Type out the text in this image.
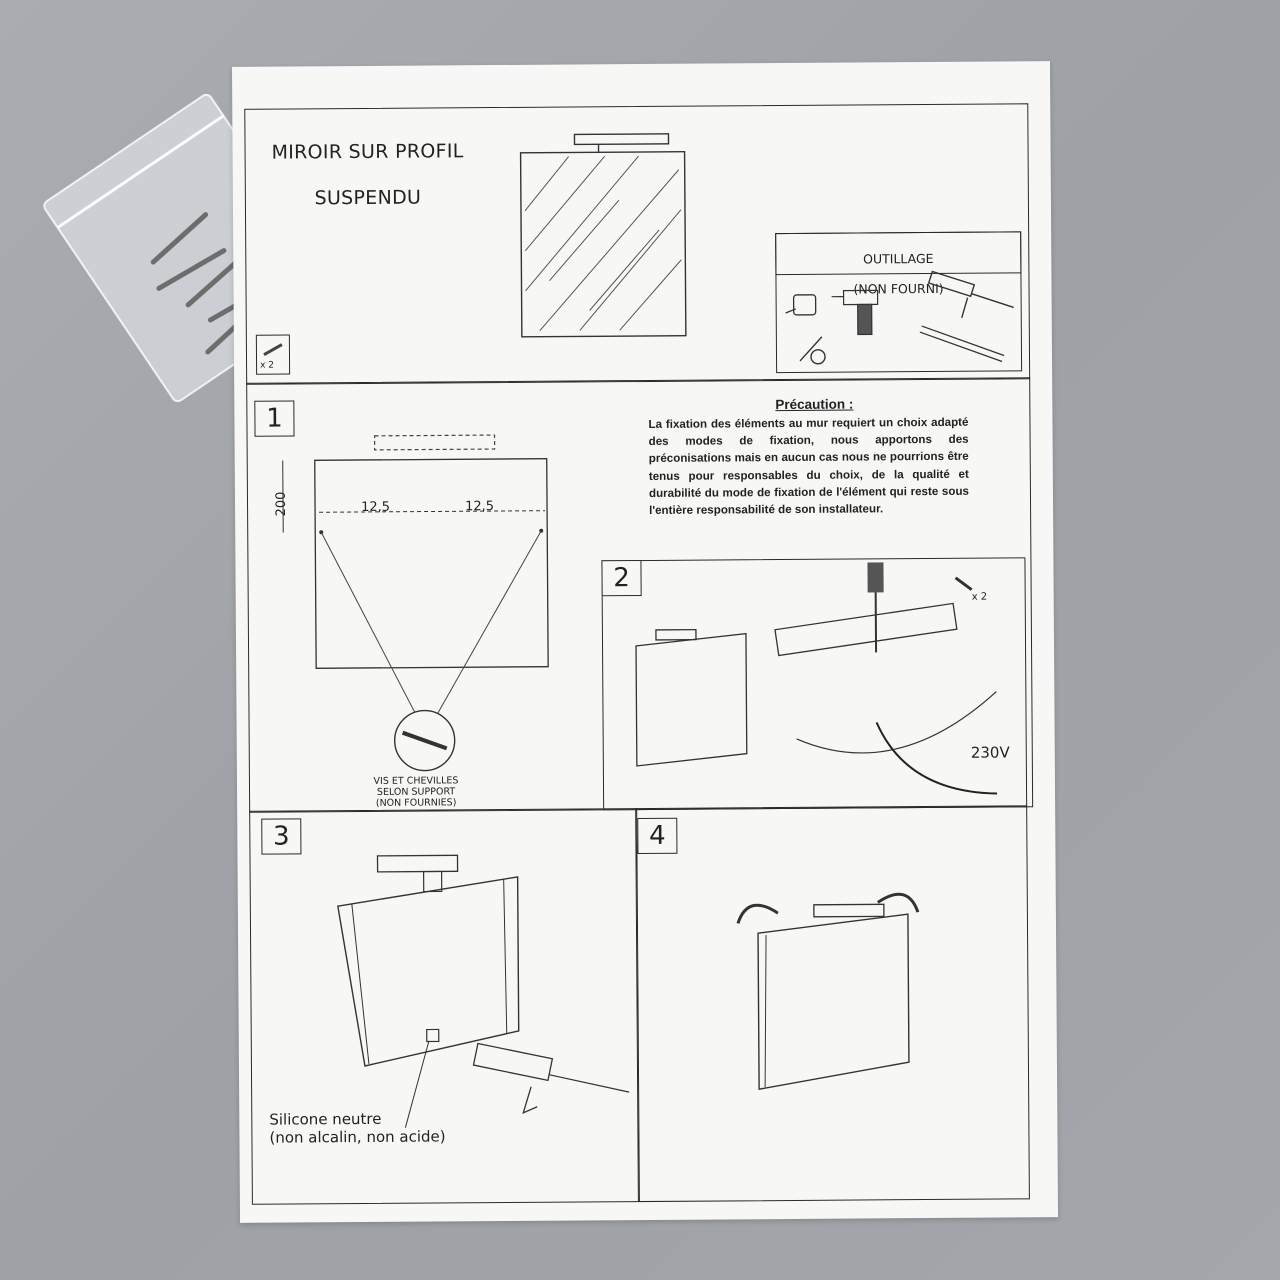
MIROIR SUR PROFIL

SUSPENDU

x 2

OUTILLAGE

(NON FOURNI)

1
200	12,5	12,5
VIS ET CHEVILLES
SELON SUPPORT
(NON FOURNIES)
Précaution :
La fixation des éléments au mur requiert un choix adapté des modes de fixation, nous apportons des préconisations mais en aucun cas nous ne pourrions être tenus pour responsables du choix, de la qualité et durabilité du mode de fixation de l'élément qui reste sous l'entière responsabilité de son installateur.
2
x 2
230V
3
Silicone neutre
(non alcalin, non acide)
4
